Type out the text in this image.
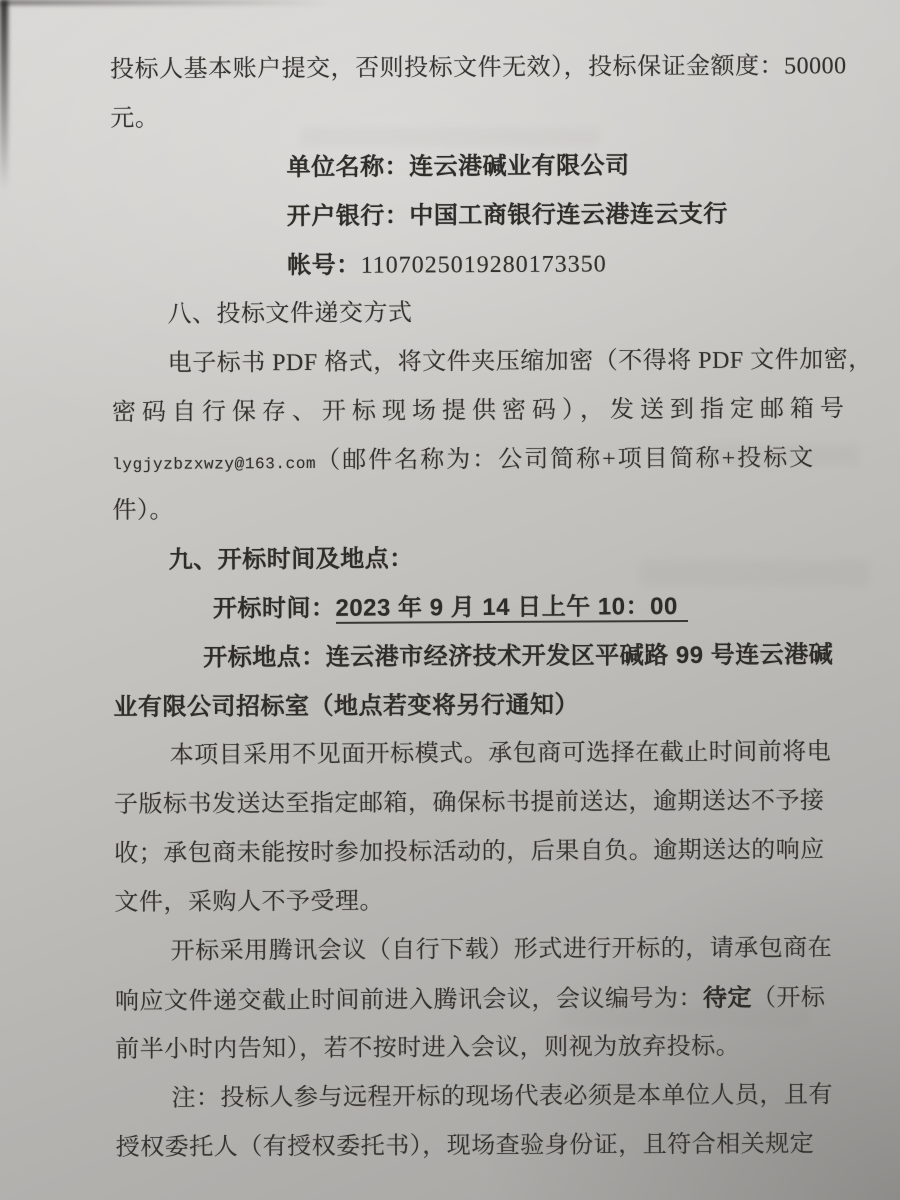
投标人基本账户提交，否则投标文件无效），投标保证金额度：50000
元。
单位名称：连云港碱业有限公司
开户银行：中国工商银行连云港连云支行
帐号：1107025019280173350
八、投标文件递交方式
电子标书 PDF 格式，将文件夹压缩加密（不得将 PDF 文件加密，
密码自行保存、开标现场提供密码），发送到指定邮箱号
lygjyzbzxwzy@163.com（邮件名称为：公司简称+项目简称+投标文
件）。
九、开标时间及地点：
开标时间：2023 年 9 月 14 日上午 10：00
开标地点：连云港市经济技术开发区平碱路 99 号连云港碱
业有限公司招标室（地点若变将另行通知）
本项目采用不见面开标模式。承包商可选择在截止时间前将电
子版标书发送达至指定邮箱，确保标书提前送达，逾期送达不予接
收；承包商未能按时参加投标活动的，后果自负。逾期送达的响应
文件，采购人不予受理。
开标采用腾讯会议（自行下载）形式进行开标的，请承包商在
响应文件递交截止时间前进入腾讯会议，会议编号为：待定（开标
前半小时内告知），若不按时进入会议，则视为放弃投标。
注：投标人参与远程开标的现场代表必须是本单位人员，且有
授权委托人（有授权委托书），现场查验身份证，且符合相关规定
